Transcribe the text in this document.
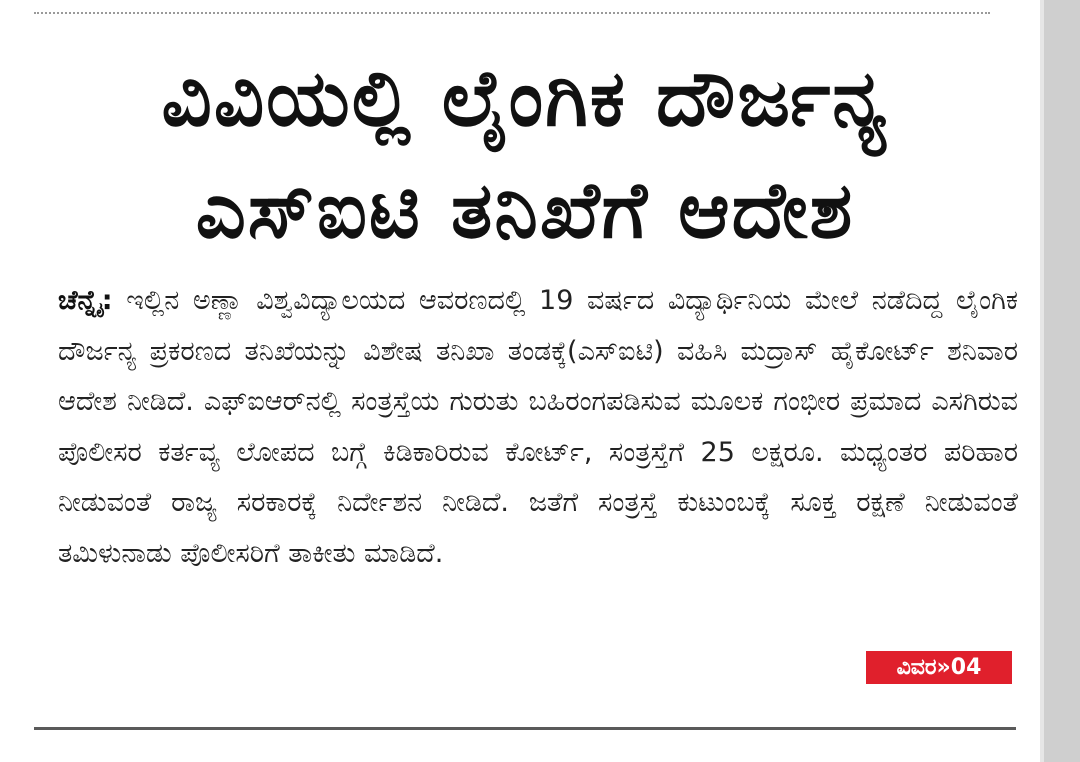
ವಿವಿಯಲ್ಲಿ ಲೈಂಗಿಕ ದೌರ್ಜನ್ಯ
ಎಸ್‌ಐಟಿ ತನಿಖೆಗೆ ಆದೇಶ

ಚೆನ್ನೈ: ಇಲ್ಲಿನ ಅಣ್ಣಾ ವಿಶ್ವವಿದ್ಯಾಲಯದ ಆವರಣದಲ್ಲಿ 19 ವರ್ಷದ ವಿದ್ಯಾರ್ಥಿನಿಯ ಮೇಲೆ ನಡೆದಿದ್ದ ಲೈಂಗಿಕ ದೌರ್ಜನ್ಯ ಪ್ರಕರಣದ ತನಿಖೆಯನ್ನು ವಿಶೇಷ ತನಿಖಾ ತಂಡಕ್ಕೆ(ಎಸ್‌ಐಟಿ) ವಹಿಸಿ ಮದ್ರಾಸ್ ಹೈಕೋರ್ಟ್ ಶನಿವಾರ ಆದೇಶ ನೀಡಿದೆ. ಎಫ್‌ಐಆರ್‌ನಲ್ಲಿ ಸಂತ್ರಸ್ತೆಯ ಗುರುತು ಬಹಿರಂಗಪಡಿಸುವ ಮೂಲಕ ಗಂಭೀರ ಪ್ರಮಾದ ಎಸಗಿರುವ ಪೊಲೀಸರ ಕರ್ತವ್ಯ ಲೋಪದ ಬಗ್ಗೆ ಕಿಡಿಕಾರಿರುವ ಕೋರ್ಟ್, ಸಂತ್ರಸ್ತೆಗೆ 25 ಲಕ್ಷರೂ. ಮಧ್ಯಂತರ ಪರಿಹಾರ ನೀಡುವಂತೆ ರಾಜ್ಯ ಸರಕಾರಕ್ಕೆ ನಿರ್ದೇಶನ ನೀಡಿದೆ. ಜತೆಗೆ ಸಂತ್ರಸ್ತೆ ಕುಟುಂಬಕ್ಕೆ ಸೂಕ್ತ ರಕ್ಷಣೆ ನೀಡುವಂತೆ ತಮಿಳುನಾಡು ಪೊಲೀಸರಿಗೆ ತಾಕೀತು ಮಾಡಿದೆ.

ವಿವರ»04
